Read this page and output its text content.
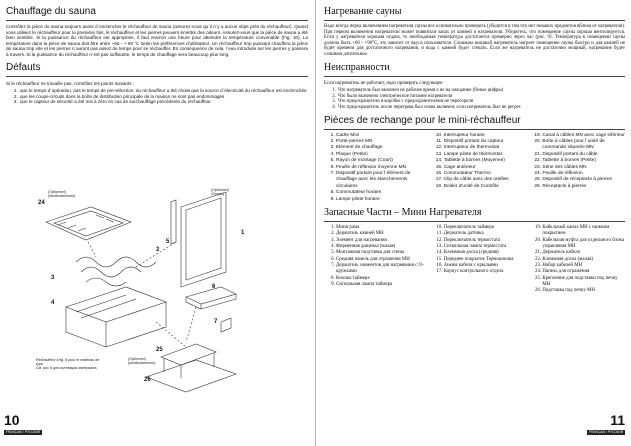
Chauffage du sauna

Contrôlez la pièce du sauna toujours avant d´enclencher le réchauffeur de sauna (assurez-vous qu´il n´y a aucun objet près du réchauffeur). Quand vous utilisez le réchauffeur pour la première fois, le réchauffeur et les pierres peuvent émettre des odeurs. Assurez-vous que la pièce de sauna a été bien ventilée. Si la puissance du réchauffeur est appropriée, il faut environ une heure pour atteindre la température convenable (Fig. 10). La température dans la pièce de sauna doit être entre +60 - + 90 ˚C selon les préférences d'utilisateur. Un réchauffeur trop puissant chauffera la pièce de sauna trop vite et les pierres n´auront pas assez de temps pour se réchauffer. En conséquence de cela, l´eau introduite sur les pierres y passera à travers. Si la puissance du réchauffeur n´est pas suffisante, le temps de chauffage sera beaucoup plus long.

Défauts
Si le réchauffeur ne travaille pas, contrôlez les points suivants :
1. que le temps d´opération, pas le temps de pre-sélection, du réchauffeur a été choisi que la source d´électricité du réchauffeur est enclenchée
2. que les coupe-circuits dans la boîte de distribution principale de la maison ne sont pas endommagés
3. que le capteur de sécurité a été mis à zéro en cas de surchauffage précédente du réchauffeur
(Optionnel)
(необязательно)
(Optionnel)
(Опция)
Réchauffeur à fig. 8 pour le matériau de type
См. рис 8 для коллекции материала
(Optionnel)
(необязательно)
24
1
2
3
4
5
6
7
25
26
10
FRANÇAIS / РУССКИЙ
Нагревание сауны

Надо всегда перед включением нагревателя сауны все основательно проверить (убедится в том что нет никаких предметов вблизи от нагревателя). При первом включении нагреватели может появиться запах от камней и нагревателя. Убедитесь, что помещение сауны хорошо вентилируется. Если у нагревателя хорошая отдача, то необходимая температура достигается примерно через час (рис. 9). Температура в помещении сауны должна быть +60 - +90°С, это зависит от вкуса пользователя. Слишком мощный нагреватель нагреет помещение сауны быстро и для камней не будет времени для достаточного нагревания, и вода с камней будет стекать. Если же нагреватель не достаточно мощный, нагревание будет слишком длительное.

Неисправности
Если нагреватель не работает, надо проверить следующее:
1. Что нагреватель был включен не рабочее время а не на ожидание (белые цифры)
2. Что было включено электрическое питание нагревателя
3. Что предохранители в коробке с предохранителями не перегорели
4. Что предохранитель после перегрева был снова включен, если нагреватель был не регрет.
Pièces de rechange pour le mini-réchauffeur
1. Cadre Mini
2. Porte-pierres MN
3. Elément de chauffage
4. Plaque (Petite)
5. Rayon de montage (Court)
6. Feuille de réflexion moyenne MN
7. Dispositif portant pour l´élément de chauffage avec les étanchements circulaires
8. Commutateur horaire
9. Lampe pilote horaire
10. Interrupteur horaire
11. Dispositif portant du capteur
12. Interrupteur de thermostat
13. Lampe pilote de thermostat
14. Tablette à bornes (Moyenne)
15. Cage antérieur
16. Commutateur Thermo
17. Clip de câble avec des oreilles
18. Boitier d'unité de Contrôle
19. Canal à câbles MN avec cage inférieur
20. Boîte à câbles pour l´unité de commande séparée MN
21. Dispositif portant du câble
22. Tablette à bornes (Petite)
23. Série des câbles MN
24. Feuille de réflexion
25. Dispositif de réceptacle à pierres
26. Réceptacle à pierres
Запасные Части – Мини Нагревателя
1. Мини рама
2. Держатель камней МН
3. Элемент для нагревания
4. Фирменная дощечка (малая)
5. Монтажная подставка для стены
6. Средняя панель для отражения МН
7. Держатель элементов для нагревания с О-кружками
8. Кнопка таймера
9. Сигнальная лампа таймера
10. Переключатель таймера
11. Держатель датчика
12. Переключатель термостата
13. Сигнальная лампа термостата
14. Клеммная доска (средняя)
15. Переднее покрытие Термокнопка
16. Зажим кабеля с крыльями
17. Корпус контрольного отдела
19. Кабельный канал МН с нижним покрытием
20. Кабельная муфта для отдельного блока управления МН
21. Держатель кабеля
22. Клеммная доска (малая)
23. Набор кабелей МН
24. Панель для отражения
25. Крепление для подставки под печку МН
26. Подставка под печку МН
11
FRANÇAIS / РУССКИЙ
